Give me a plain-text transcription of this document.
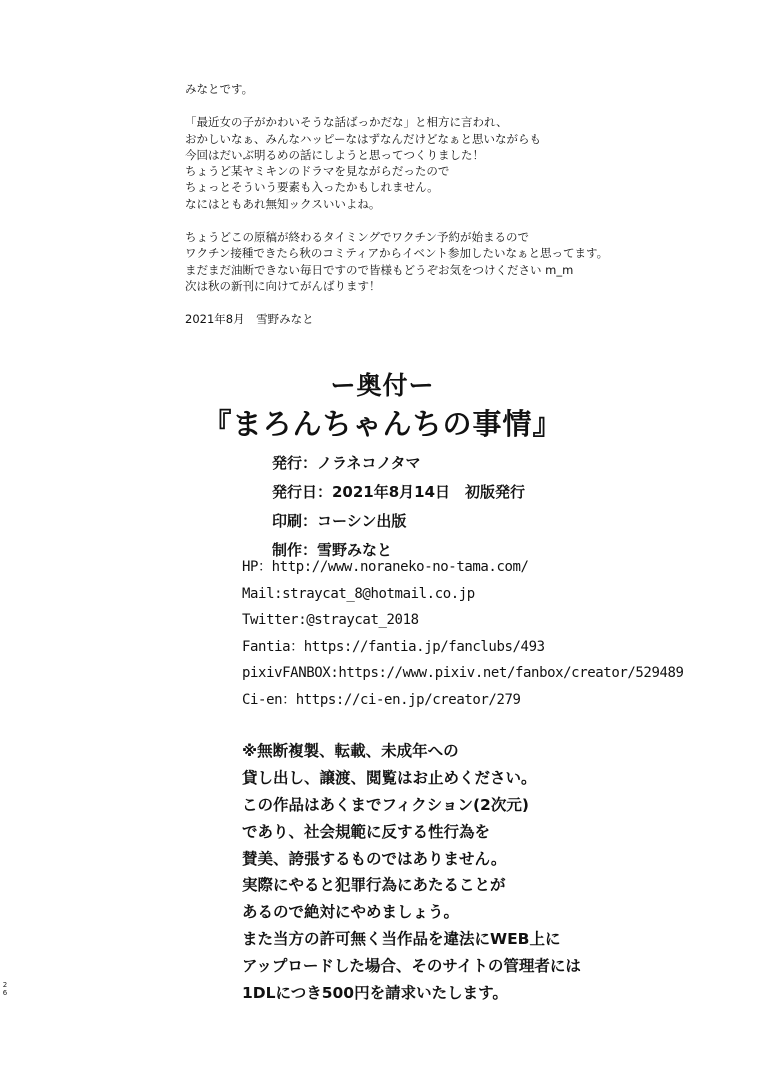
みなとです。

「最近女の子がかわいそうな話ばっかだな」と相方に言われ、

おかしいなぁ、みんなハッピーなはずなんだけどなぁと思いながらも

今回はだいぶ明るめの話にしようと思ってつくりました！

ちょうど某ヤミキンのドラマを見ながらだったので

ちょっとそういう要素も入ったかもしれません。

なにはともあれ無知ックスいいよね。

ちょうどこの原稿が終わるタイミングでワクチン予約が始まるので

ワクチン接種できたら秋のコミティアからイベント参加したいなぁと思ってます。

まだまだ油断できない毎日ですので皆様もどうぞお気をつけください m_m

次は秋の新刊に向けてがんばります！

2021年8月　雪野みなと

ー奥付ー
『まろんちゃんちの事情』
発行：ノラネコノタマ
発行日：2021年8月14日　初版発行
印刷：コーシン出版
制作：雪野みなと
HP：http://www.noraneko-no-tama.com/
Mail:straycat_8@hotmail.co.jp
Twitter:@straycat_2018
Fantia：https://fantia.jp/fanclubs/493
pixivFANBOX:https://www.pixiv.net/fanbox/creator/529489
Ci-en：https://ci-en.jp/creator/279
※無断複製、転載、未成年への
貸し出し、譲渡、閲覧はお止めください。
この作品はあくまでフィクション(2次元)
であり、社会規範に反する性行為を
賛美、誇張するものではありません。
実際にやると犯罪行為にあたることが
あるので絶対にやめましょう。
また当方の許可無く当作品を違法にWEB上に
アップロードした場合、そのサイトの管理者には
1DLにつき500円を請求いたします。
2
6
